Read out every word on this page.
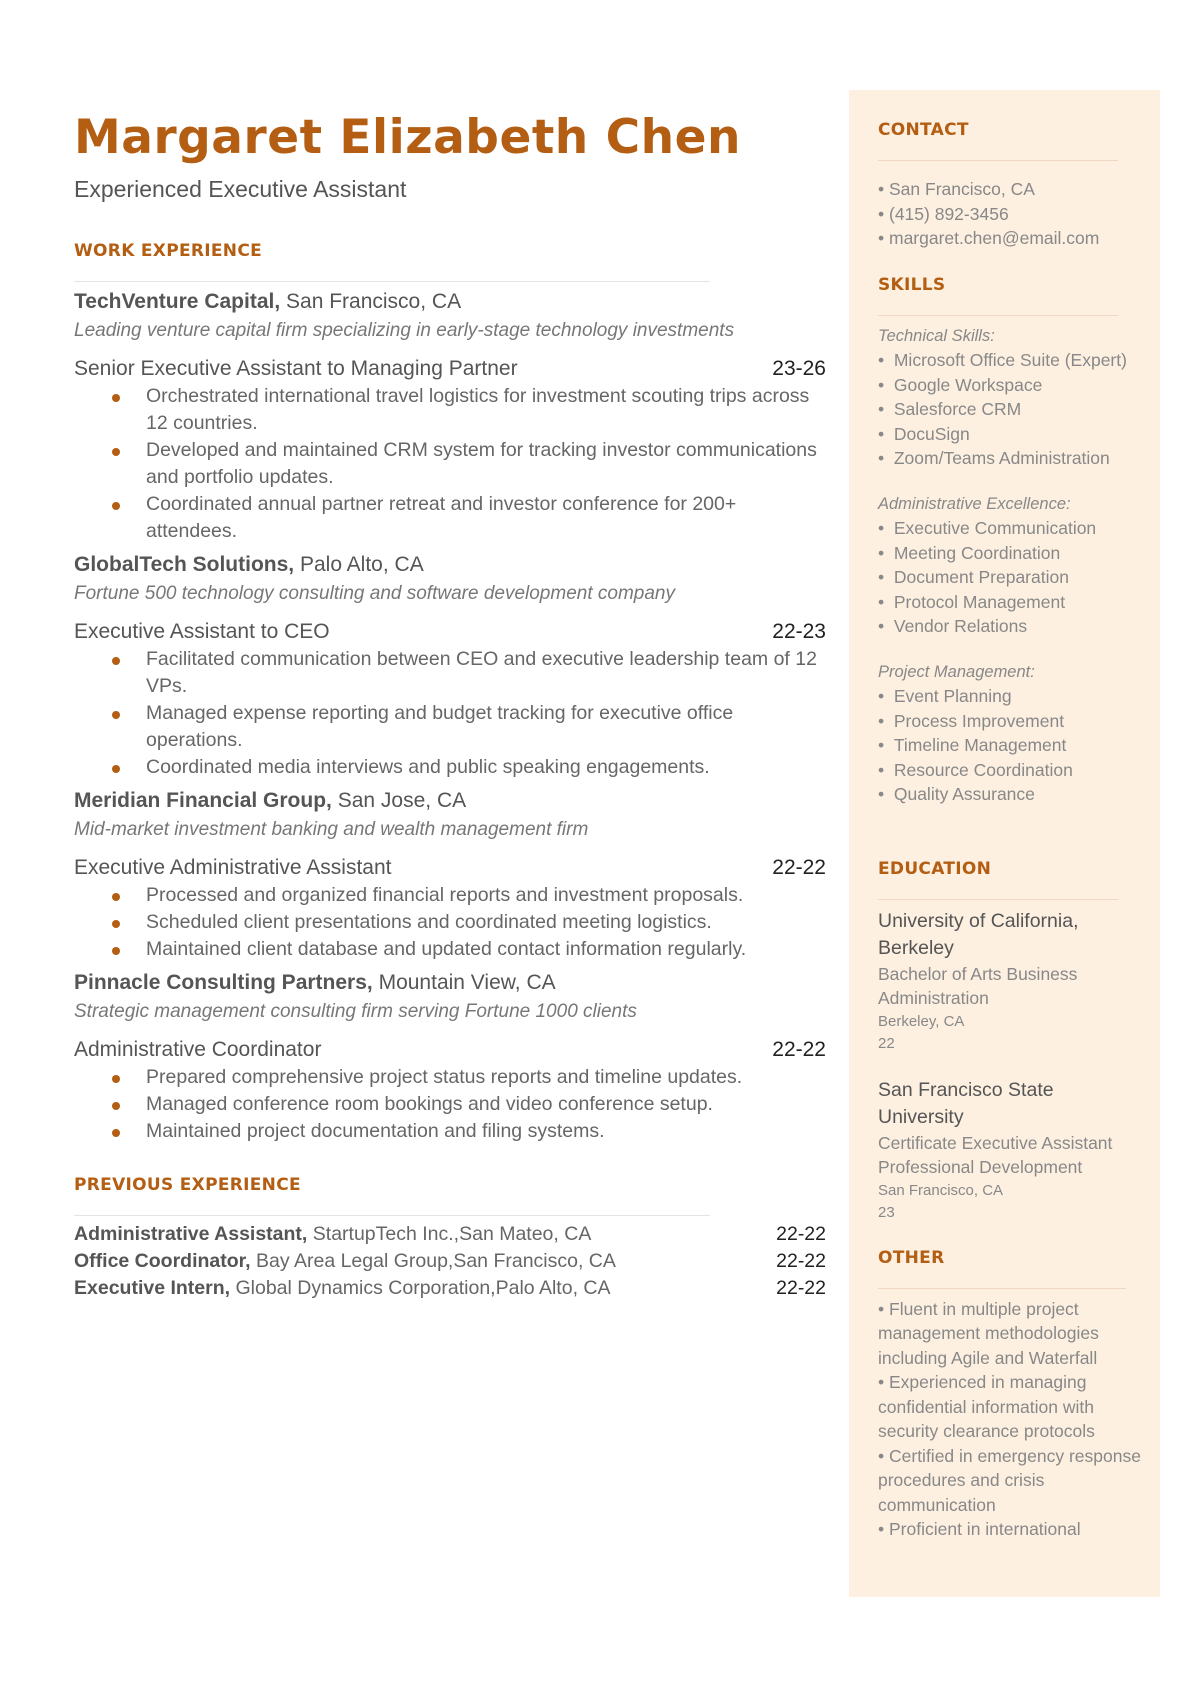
Margaret Elizabeth Chen
Experienced Executive Assistant
WORK EXPERIENCE
TechVenture Capital, San Francisco, CA
Leading venture capital firm specializing in early-stage technology investments
Senior Executive Assistant to Managing Partner	23-26
Orchestrated international travel logistics for investment scouting trips across 12 countries.
Developed and maintained CRM system for tracking investor communications and portfolio updates.
Coordinated annual partner retreat and investor conference for 200+ attendees.
GlobalTech Solutions, Palo Alto, CA
Fortune 500 technology consulting and software development company
Executive Assistant to CEO	22-23
Facilitated communication between CEO and executive leadership team of 12 VPs.
Managed expense reporting and budget tracking for executive office operations.
Coordinated media interviews and public speaking engagements.
Meridian Financial Group, San Jose, CA
Mid-market investment banking and wealth management firm
Executive Administrative Assistant	22-22
Processed and organized financial reports and investment proposals.
Scheduled client presentations and coordinated meeting logistics.
Maintained client database and updated contact information regularly.
Pinnacle Consulting Partners, Mountain View, CA
Strategic management consulting firm serving Fortune 1000 clients
Administrative Coordinator	22-22
Prepared comprehensive project status reports and timeline updates.
Managed conference room bookings and video conference setup.
Maintained project documentation and filing systems.
PREVIOUS EXPERIENCE
Administrative Assistant, StartupTech Inc.,San Mateo, CA	22-22
Office Coordinator, Bay Area Legal Group,San Francisco, CA	22-22
Executive Intern, Global Dynamics Corporation,Palo Alto, CA	22-22
CONTACT
• San Francisco, CA
• (415) 892-3456
• margaret.chen@email.com
SKILLS
Technical Skills:
•  Microsoft Office Suite (Expert)
•  Google Workspace
•  Salesforce CRM
•  DocuSign
•  Zoom/Teams Administration
Administrative Excellence:
•  Executive Communication
•  Meeting Coordination
•  Document Preparation
•  Protocol Management
•  Vendor Relations
Project Management:
•  Event Planning
•  Process Improvement
•  Timeline Management
•  Resource Coordination
•  Quality Assurance
EDUCATION
University of California, Berkeley
Bachelor of Arts Business Administration
Berkeley, CA
22
San Francisco State University
Certificate Executive Assistant Professional Development
San Francisco, CA
23
OTHER
• Fluent in multiple project management methodologies including Agile and Waterfall
• Experienced in managing confidential information with security clearance protocols
• Certified in emergency response procedures and crisis communication
• Proficient in international
